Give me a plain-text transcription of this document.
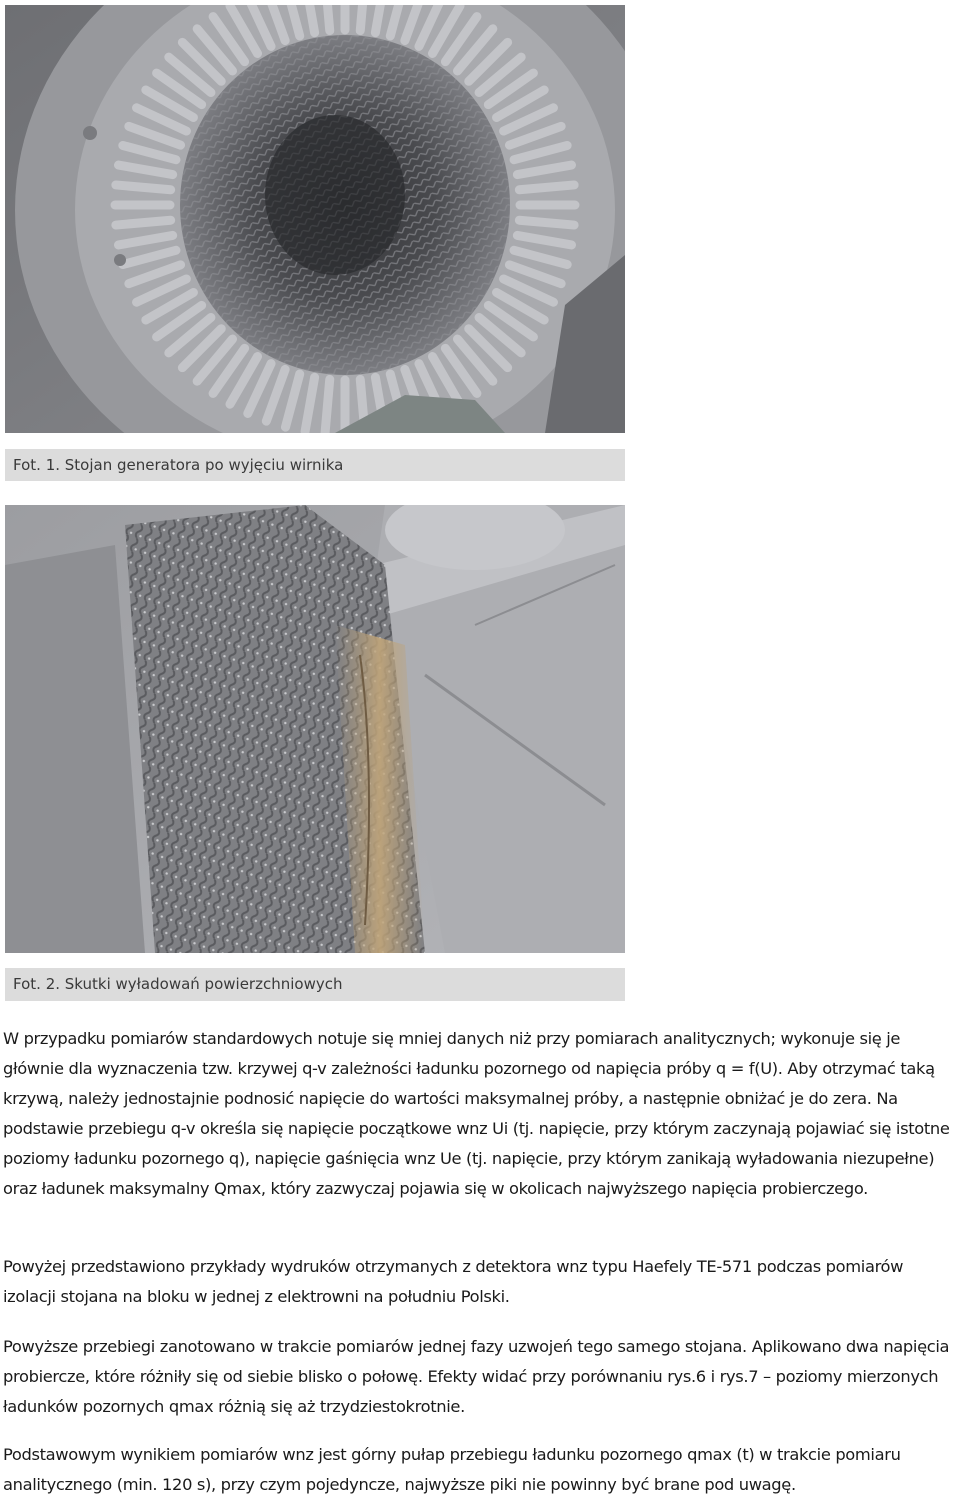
Fot. 1. Stojan generatora po wyjęciu wirnika
Fot. 2. Skutki wyładowań powierzchniowych

W przypadku pomiarów standardowych notuje się mniej danych niż przy pomiarach analitycznych; wykonuje się je głównie dla wyznaczenia tzw. krzywej q-v zależności ładunku pozornego od napięcia próby q = f(U). Aby otrzymać taką krzywą, należy jednostajnie podnosić napięcie do wartości maksymalnej próby, a następnie obniżać je do zera. Na podstawie przebiegu q-v określa się napięcie początkowe wnz Ui (tj. napięcie, przy którym zaczynają pojawiać się istotne poziomy ładunku pozornego q), napięcie gaśnięcia wnz Ue (tj. napięcie, przy którym zanikają wyładowania niezupełne) oraz ładunek maksymalny Qmax, który zazwyczaj pojawia się w okolicach najwyższego napięcia probierczego.

Powyżej przedstawiono przykłady wydruków otrzymanych z detektora wnz typu Haefely TE-571 podczas pomiarów izolacji stojana na bloku w jednej z elektrowni na południu Polski.

Powyższe przebiegi zanotowano w trakcie pomiarów jednej fazy uzwojeń tego samego stojana. Aplikowano dwa napięcia probiercze, które różniły się od siebie blisko o połowę. Efekty widać przy porównaniu rys.6 i rys.7 – poziomy mierzonych ładunków pozornych qmax różnią się aż trzydziestokrotnie.

Podstawowym wynikiem pomiarów wnz jest górny pułap przebiegu ładunku pozornego qmax (t) w trakcie pomiaru analitycznego (min. 120 s), przy czym pojedyncze, najwyższe piki nie powinny być brane pod uwagę.
